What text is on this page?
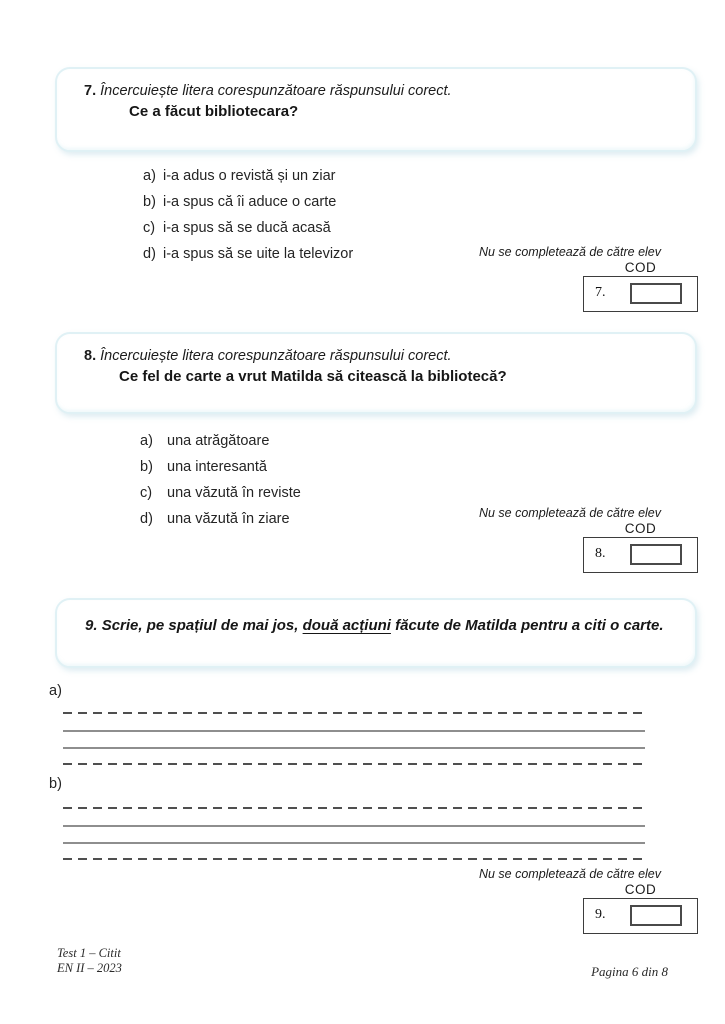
7. Încercuiește litera corespunzătoare răspunsului corect.
Ce a făcut bibliotecara?
a) i-a adus o revistă și un ziar
b) i-a spus că îi aduce o carte
c) i-a spus să se ducă acasă
d) i-a spus să se uite la televizor	Nu se completează de către elev
COD
7.
8. Încercuiește litera corespunzătoare răspunsului corect.
Ce fel de carte a vrut Matilda să citească la bibliotecă?
a) una atrăgătoare
b) una interesantă
c) una văzută în reviste
d) una văzută în ziare	Nu se completează de către elev
COD
8.
9. Scrie, pe spațiul de mai jos, două acțiuni făcute de Matilda pentru a citi o carte.
a)
b)
Nu se completează de către elev
COD
9.
Test 1 – Citit
EN II – 2023	Pagina 6 din 8
